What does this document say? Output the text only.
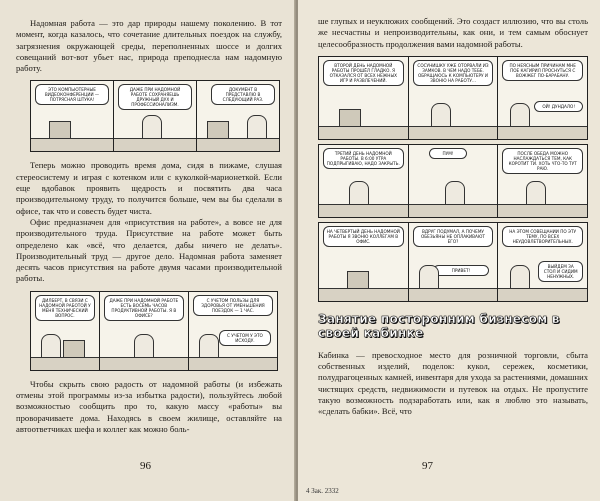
Надомная работа — это дар природы нашему поколению. В тот момент, когда казалось, что сочетание длительных поездок на службу, загрязнения окружающей среды, переполненных шоссе и долгих совещаний вот-вот убьет нас, природа преподнесла нам надомную работу.

ЭТО КОМПЬЮТЕРНЫЕ ВИДЕОКОНФЕРЕНЦИИ — ПОТРЯСНАЯ ШТУКА!
ДАЖЕ ПРИ НАДОМНОЙ РАБОТЕ СОХРАНЯЕШЬ ДРУЖНЫЙ ДУХ И ПРОФЕССИОНАЛИЗМ.
ДОКУМЕНТ В ПРЕДСТАВЛЮ В СЛЕДУЮЩИЙ РАЗ.

Теперь можно проводить время дома, сидя в пижаме, слушая стереосистему и играя с котенком или с куколкой-марионеткой. Если еще вдобавок проявить щедрость и посвятить два часа производительному труду, то получится больше, чем вы бы сделали в офисе, так что и совесть будет чиста.

Офис предназначен для «присутствия на работе», а вовсе не для производительного труда. Присутствие на работе может быть определено как «всё, что делается, дабы ничего не делать». Производительный труд — другое дело. Надомная работа заменяет десять часов присутствия на работе двумя часами производительной работы.

ДИЛБЕРТ, В СВЯЗИ С НАДОМНОЙ РАБОТОЙ У МЕНЯ ТЕХНИЧЕСКИЙ ВОПРОС.
ДАЖЕ ПРИ НАДОМНОЙ РАБОТЕ ЕСТЬ ВОСЕМЬ ЧАСОВ ПРОДУКТИВНОЙ РАБОТЫ. Я В ОФИСЕ?
С УЧЕТОМ ПОЛЬЗЫ ДЛЯ ЗДОРОВЬЯ ОТ УМЕНЬШЕНИЯ ПОЕЗДОК — 1 ЧАС.
С УЧЕТОМ У ЭТО ИСХОДУ.

Чтобы скрыть свою радость от надомной работы (и избежать отмены этой программы из-за избытка радости), пользуйтесь любой возможностью сообщить про то, какую массу «работы» вы проворачиваете дома. Находясь в своем жилище, оставляйте на автоответчиках шефа и коллег как можно боль-

96

ше глупых и неуклюжих сообщений. Это создаст иллюзию, что вы столь же несчастны и непроизводительны, как они, и тем самым обоснует целесообразность продолжения вами надомной работы.

ВТОРОЙ ДЕНЬ НАДОМНОЙ РАБОТЫ ПРОШЁЛ ГЛАДКО. Я ОТКАЗАЛСЯ ОТ ВСЕХ НЕЖНЫХ ИГР И РАЗВЛЕЧЕНИЙ.
СОСУНИШКУ УЖЕ ОТОРВАЛИ ИЗ ЗАМКОВ. В ЧЕМ НАДО ТЕБЕ. ОБРАЩАЮСЬ К КОМПЬЮТЕРУ И ЗВОНЮ НА РАБОТУ...
ПО НЕЯСНЫМ ПРИЧИНАМ МНЕ ПОЕ КАГИРИЛ ПРОСНУТЬСЯ С ВОЖЖЕГ ПО-БАРАБАНУ.
ОЙ! ДУНДАЛО!
ТРЕТИЙ ДЕНЬ НАДОМНОЙ РАБОТЫ. В 6:00 УТРА ПОДПРЫГИВАЮ, НАДО ЗАКРЫТЬ.
ПУМ!	ПОСЛЕ ОБЕДА МОЖНО НАСЛАЖДАТЬСЯ ТЕМ, КАК КОРОТИТ ТИ. ХОТЬ ЧТО-ТО ТУТ РАЮ.
НА ЧЕТВЕРТЫЙ ДЕНЬ НАДОМНОЙ РАБОТЫ Я ЗВОНЮ КОЛЛЕГАМ В ОФИС.
ВДРУГ ПОДУМАЛ, А ПОЧЕМУ ОБЕЗЬЯНЫ НЕ ОПЛАКИВАЮТ ЕГО?
ПРИВЕТ!
НА ЭТОМ СОВЕЩАНИИ ПО ЭТУ ТЕМУ, ПО ВСЕХ НЕУДОВЛЕТВОРИТЕЛЬНЫХ.
ВЫЙДЕМ ЗА СТОЛ И СИДИМ НЕНУЖНЫХ.
Занятие посторонним бизнесом в своей кабинке

Кабинка — превосходное место для розничной торговли, сбыта собственных изделий, поделок: кукол, сережек, косметики, полудрагоценных камней, инвентаря для ухода за растениями, домашних чистящих средств, недвижимости и путевок на отдых. Не пропустите такую возможность подзаработать или, как я люблю это называть, «сделать бабки». Всё, что

4 Зак. 2332
97
